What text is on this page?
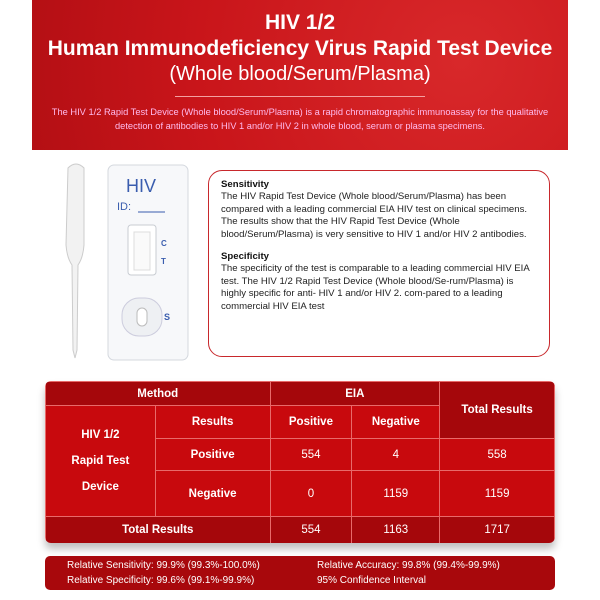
HIV 1/2
Human Immunodeficiency Virus Rapid Test Device
(Whole blood/Serum/Plasma)
The HIV 1/2 Rapid Test Device (Whole blood/Serum/Plasma) is a rapid chromatographic immunoassay for the qualitative detection of antibodies to HIV 1 and/or HIV 2 in whole blood, serum or plasma specimens.
HIV
ID:
C
T
S
Sensitivity
The HIV Rapid Test Device (Whole blood/Serum/Plasma) has been compared with a leading commercial EIA HIV test on clinical specimens. The results show that the HIV Rapid Test Device (Whole blood/Serum/Plasma) is very sensitive to HIV 1 and/or HIV 2 antibodies.
Specificity
The specificity of the test is comparable to a leading commercial HIV EIA test. The HIV 1/2 Rapid Test Device (Whole blood/Se-rum/Plasma) is highly specific for anti- HIV 1 and/or HIV 2. com-pared to a leading commercial HIV EIA test
Method		EIA		Total Results
HIV 1/2
Rapid Test
Device	Results	Positive	Negative	
	Positive	554	4	558
	Negative	0	1159	1159
Total Results		554	1163	1717
Relative Sensitivity: 99.9% (99.3%-100.0%)	Relative Accuracy: 99.8% (99.4%-99.9%)
Relative Specificity: 99.6% (99.1%-99.9%)	95% Confidence Interval
